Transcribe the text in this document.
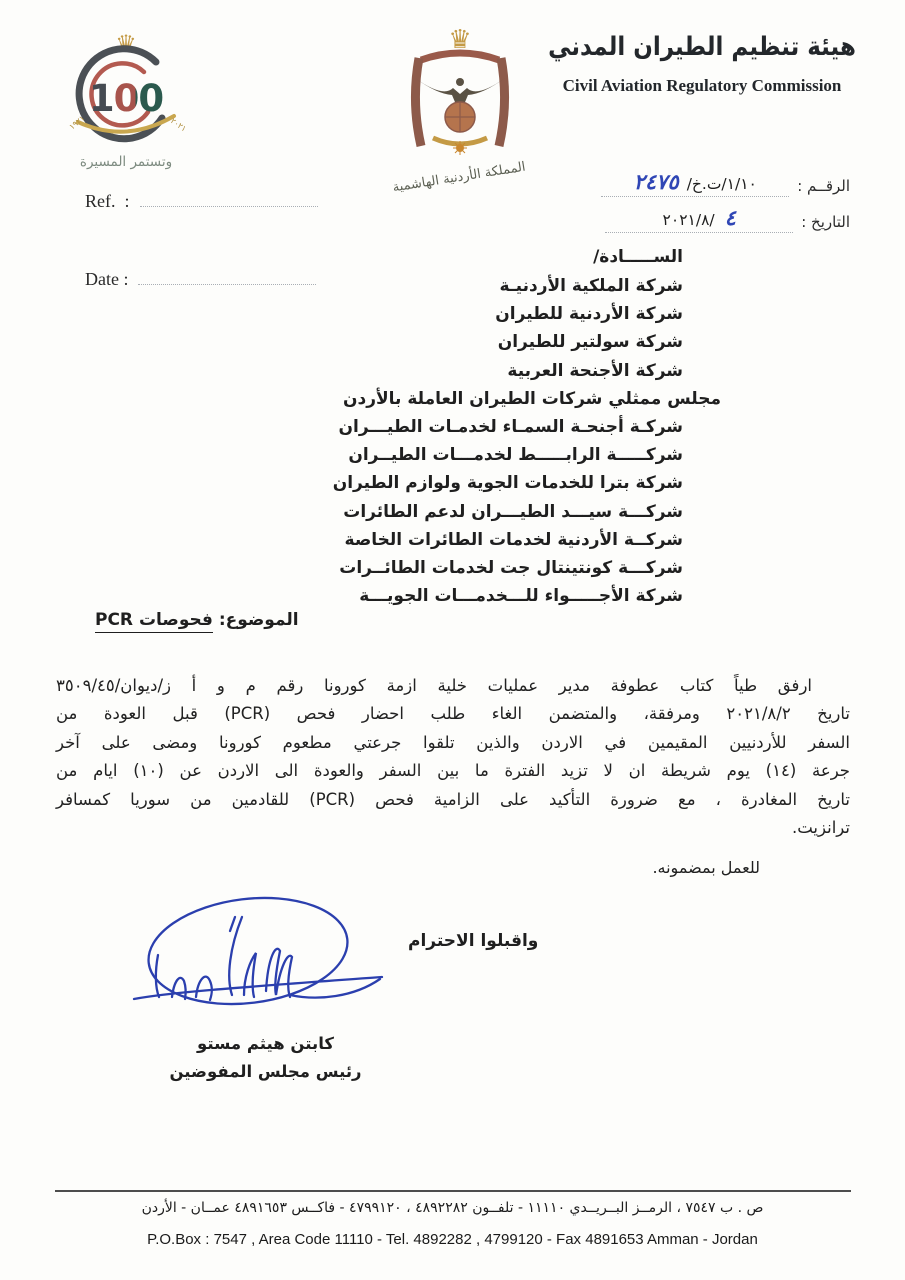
♛
100
١٩٢١	٢٠٢١
وتستمر المسيرة

Ref.  :

Date :

♛
المملكة الأردنية الهاشمية
هيئة تنظيم الطيران المدني
Civil Aviation Regulatory Commission
الرقــم :
١/١٠/ت.خ/٢٤٧٥
التاريخ :
٢٠٢١/٨/ ٤
الســـــادة/
شركة الملكية الأردنيـة
شركة الأردنية للطيران
شركة سولتير للطيران
شركة الأجنحة العربية
مجلس ممثلي شركات الطيران العاملة بالأردن
شركـة أجنحـة السمـاء لخدمـات الطيـــران
شركـــــة الرابـــــط لخدمـــات الطيــران
شركة بترا للخدمات الجوية ولوازم الطيران
شركـــة سيـــد الطيـــران لدعم الطائرات
شركــة الأردنية لخدمات الطائرات الخاصة
شركـــة كونتينتال جت لخدمات الطائــرات
شركة الأجـــــواء للـــخدمـــات الجويـــة
الموضوع: فحوصات PCR
ارفق طياً كتاب عطوفة مدير عمليات خلية ازمة كورونا رقم م و أ ز/ديوان/٣٥٠٩/٤٥
تاريخ ٢٠٢١/٨/٢ ومرفقة، والمتضمن الغاء طلب احضار فحص (PCR) قبل العودة من
السفر للأردنيين المقيمين في الاردن والذين تلقوا جرعتي مطعوم كورونا ومضى على آخر
جرعة (١٤) يوم شريطة ان لا تزيد الفترة ما بين السفر والعودة الى الاردن عن (١٠) ايام من
تاريخ المغادرة ، مع ضرورة التأكيد على الزامية فحص (PCR) للقادمين من سوريا كمسافر
ترانزيت.
للعمل بمضمونه.
واقبلوا الاحترام
كابتن هيثم مستو
رئيس مجلس المفوضين
ص . ب ٧٥٤٧ ، الرمــز البــريــدي ١١١١٠ - تلفــون ٤٨٩٢٢٨٢ ، ٤٧٩٩١٢٠ - فاكــس ٤٨٩١٦٥٣ عمــان - الأردن
P.O.Box : 7547 , Area Code 11110 - Tel. 4892282 , 4799120 - Fax 4891653 Amman - Jordan
